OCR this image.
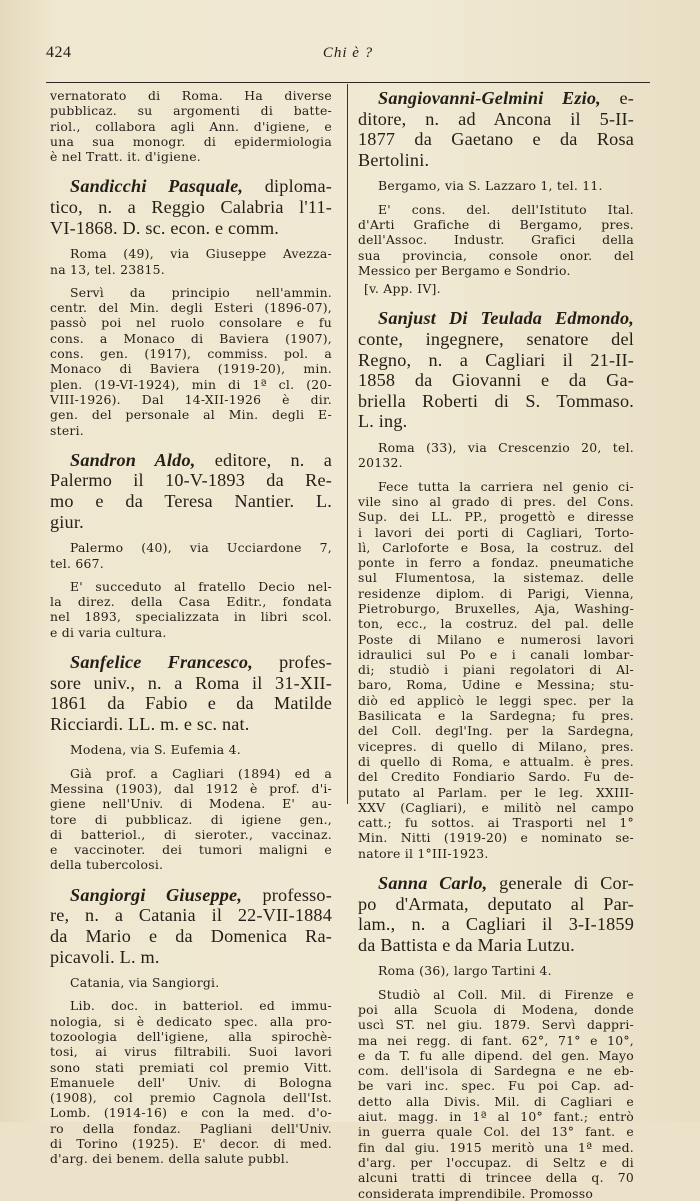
424	Chi è ?

vernatorato di Roma. Ha diverse

pubblicaz. su argomenti di batte-

riol., collabora agli Ann. d'igiene, e

una sua monogr. di epidermiologia

è nel Tratt. it. d'igiene.

Sandicchi Pasquale, diploma-

tico, n. a Reggio Calabria l'11-

VI-1868. D. sc. econ. e comm.

Roma (49), via Giuseppe Avezza-

na 13, tel. 23815.

Servì da principio nell'ammin.

centr. del Min. degli Esteri (1896-07),

passò poi nel ruolo consolare e fu

cons. a Monaco di Baviera (1907),

cons. gen. (1917), commiss. pol. a

Monaco di Baviera (1919-20), min.

plen. (19-VI-1924), min di 1ª cl. (20-

VIII-1926). Dal 14-XII-1926 è dir.

gen. del personale al Min. degli E-

steri.

Sandron Aldo, editore, n. a

Palermo il 10-V-1893 da Re-

mo e da Teresa Nantier. L.

giur.

Palermo (40), via Ucciardone 7,

tel. 667.

E' succeduto al fratello Decio nel-

la direz. della Casa Editr., fondata

nel 1893, specializzata in libri scol.

e di varia cultura.

Sanfelice Francesco, profes-

sore univ., n. a Roma il 31-XII-

1861 da Fabio e da Matilde

Ricciardi. LL. m. e sc. nat.

Modena, via S. Eufemia 4.

Già prof. a Cagliari (1894) ed a

Messina (1903), dal 1912 è prof. d'i-

giene nell'Univ. di Modena. E' au-

tore di pubblicaz. di igiene gen.,

di batteriol., di sieroter., vaccinaz.

e vaccinoter. dei tumori maligni e

della tubercolosi.

Sangiorgi Giuseppe, professo-

re, n. a Catania il 22-VII-1884

da Mario e da Domenica Ra-

picavoli. L. m.

Catania, via Sangiorgi.

Lib. doc. in batteriol. ed immu-

nologia, si è dedicato spec. alla pro-

tozoologia dell'igiene, alla spirochè-

tosi, ai virus filtrabili. Suoi lavori

sono stati premiati col premio Vitt.

Emanuele dell' Univ. di Bologna

(1908), col premio Cagnola dell'Ist.

Lomb. (1914-16) e con la med. d'o-

ro della fondaz. Pagliani dell'Univ.

di Torino (1925). E' decor. di med.

d'arg. dei benem. della salute pubbl.

Sangiovanni-Gelmini Ezio, e-

ditore, n. ad Ancona il 5-II-

1877 da Gaetano e da Rosa

Bertolini.

Bergamo, via S. Lazzaro 1, tel. 11.

E' cons. del. dell'Istituto Ital.

d'Arti Grafiche di Bergamo, pres.

dell'Assoc. Industr. Grafici della

sua provincia, console onor. del

Messico per Bergamo e Sondrio.

[v. App. IV].

Sanjust Di Teulada Edmondo,

conte, ingegnere, senatore del

Regno, n. a Cagliari il 21-II-

1858 da Giovanni e da Ga-

briella Roberti di S. Tommaso.

L. ing.

Roma (33), via Crescenzio 20, tel.

20132.

Fece tutta la carriera nel genio ci-

vile sino al grado di pres. del Cons.

Sup. dei LL. PP., progettò e diresse

i lavori dei porti di Cagliari, Torto-

lì, Carloforte e Bosa, la costruz. del

ponte in ferro a fondaz. pneumatiche

sul Flumentosa, la sistemaz. delle

residenze diplom. di Parigi, Vienna,

Pietroburgo, Bruxelles, Aja, Washing-

ton, ecc., la costruz. del pal. delle

Poste di Milano e numerosi lavori

idraulici sul Po e i canali lombar-

di; studiò i piani regolatori di Al-

baro, Roma, Udine e Messina; stu-

diò ed applicò le leggi spec. per la

Basilicata e la Sardegna; fu pres.

del Coll. degl'Ing. per la Sardegna,

vicepres. di quello di Milano, pres.

di quello di Roma, e attualm. è pres.

del Credito Fondiario Sardo. Fu de-

putato al Parlam. per le leg. XXIII-

XXV (Cagliari), e militò nel campo

catt.; fu sottos. ai Trasporti nel 1°

Min. Nitti (1919-20) e nominato se-

natore il 1°III-1923.

Sanna Carlo, generale di Cor-

po d'Armata, deputato al Par-

lam., n. a Cagliari il 3-I-1859

da Battista e da Maria Lutzu.

Roma (36), largo Tartini 4.

Studiò al Coll. Mil. di Firenze e

poi alla Scuola di Modena, donde

uscì ST. nel giu. 1879. Servì dappri-

ma nei regg. di fant. 62°, 71° e 10°,

e da T. fu alle dipend. del gen. Mayo

com. dell'isola di Sardegna e ne eb-

be vari inc. spec. Fu poi Cap. ad-

detto alla Divis. Mil. di Cagliari e

aiut. magg. in 1ª al 10° fant.; entrò

in guerra quale Col. del 13° fant. e

fin dal giu. 1915 meritò una 1ª med.

d'arg. per l'occupaz. di Seltz e di

alcuni tratti di trincee della q. 70

considerata imprendibile. Promosso
